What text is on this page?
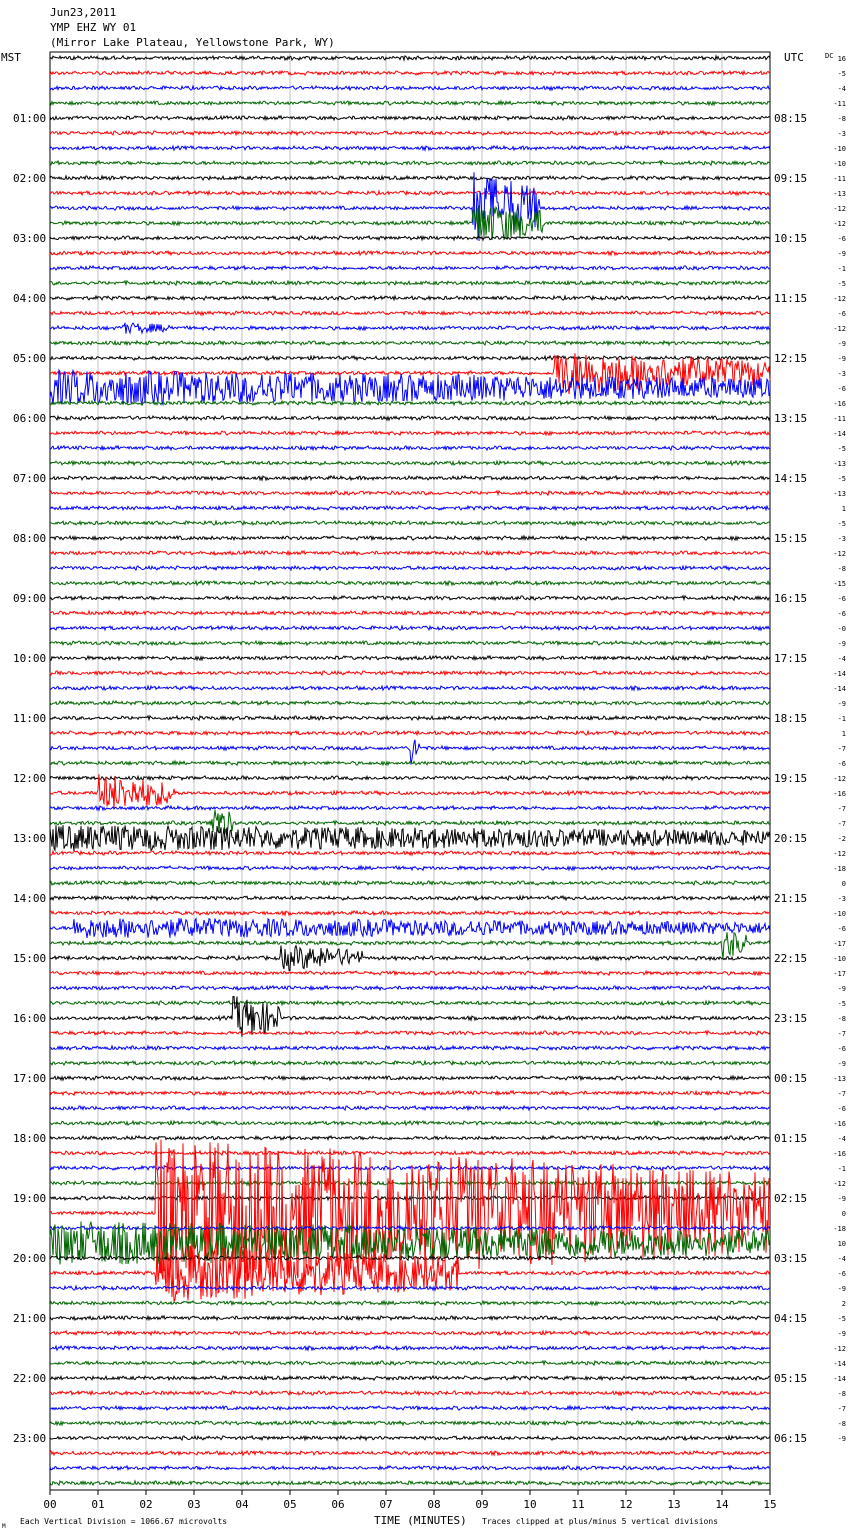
Jun23,2011
YMP EHZ WY 01
(Mirror Lake Plateau, Yellowstone Park, WY)
MST	UTC	DC
01:00
02:00
03:00
04:00
05:00
06:00
07:00
08:00
09:00
10:00
11:00
12:00
13:00
14:00
15:00
16:00
17:00
18:00
19:00
20:00
21:00
22:00
23:00
08:15
09:15
10:15
11:15
12:15
13:15
14:15
15:15
16:15
17:15
18:15
19:15
20:15
21:15
22:15
23:15
00:15
01:15
02:15
03:15
04:15
05:15
06:15
16
-5
-4
-11
-8
-3
-10
-10
-11
-13
-12
-12
-6
-9
-1
-5
-12
-6
-12
-9
-9
-3
-6
-16
-11
-14
-5
-13
-5
-13
1
-5
-3
-12
-8
-15
-6
-6
-0
-9
-4
-14
-14
-9
-1
1
-7
-6
-12
-16
-7
-7
-2
-12
-18
0
-3
-10
-6
-17
-10
-17
-9
-5
-8
-7
-6
-9
-13
-7
-6
-16
-4
-16
-1
-12
-9
0
-18
10
-4
-6
-9
2
-5
-9
-12
-14
-14
-8
-7
-8
-9
00	01	02	03	04	05	06	07	08	09	10	11	12	13	14	15
TIME (MINUTES)
Each Vertical Division = 1066.67 microvolts	Traces clipped at plus/minus 5 vertical divisions
M
